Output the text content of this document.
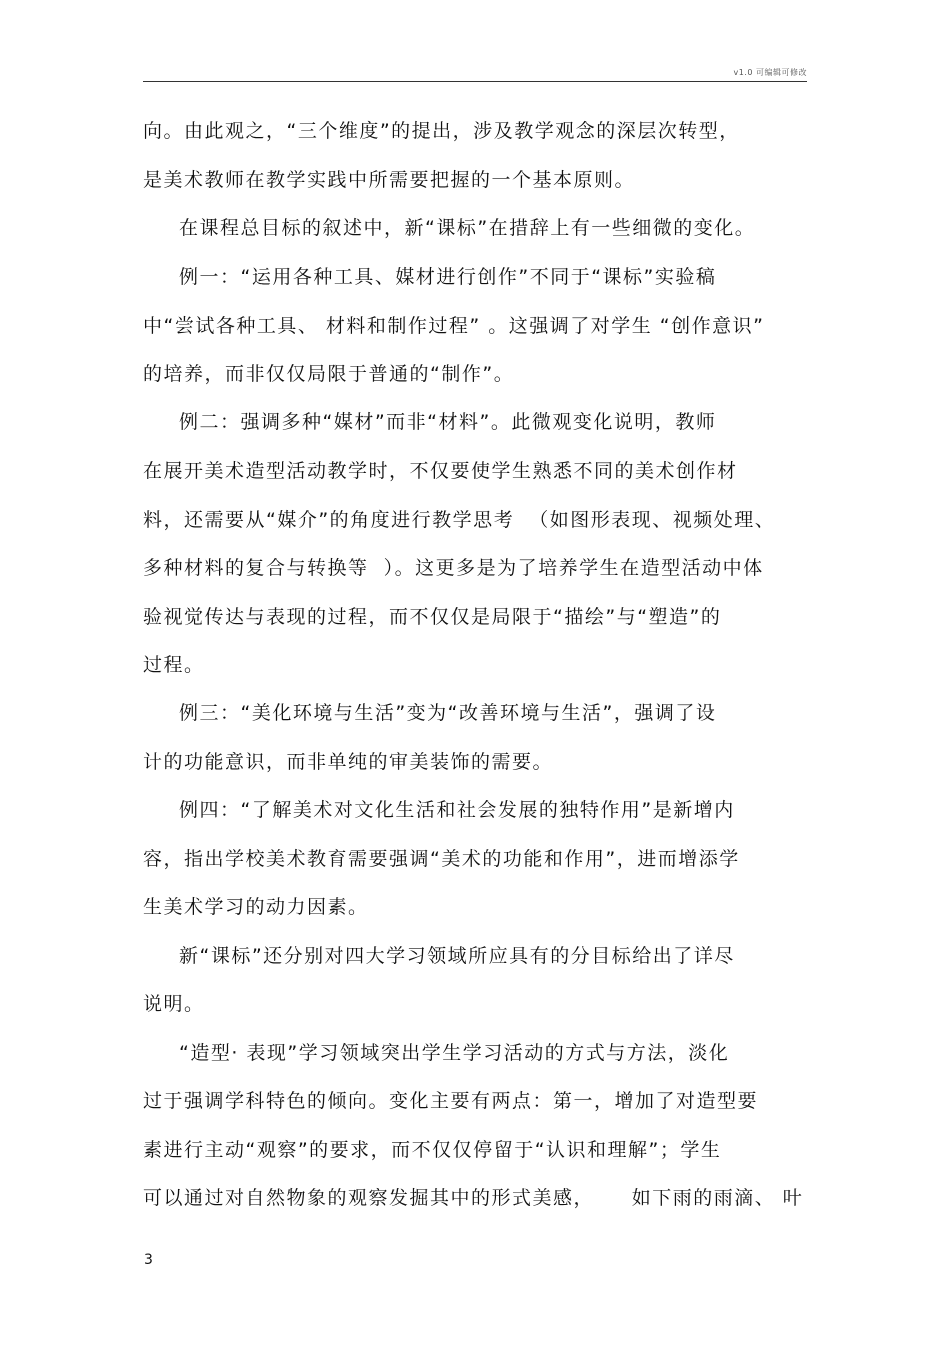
v1.0 可编辑可修改
向。由此观之，“三个维度”的提出，涉及教学观念的深层次转型，
是美术教师在教学实践中所需要把握的一个基本原则。
在课程总目标的叙述中，新“课标”在措辞上有一些细微的变化。
例一：“运用各种工具、媒材进行创作”不同于“课标”实验稿
中“尝试各种工具、 材料和制作过程” 。这强调了对学生 “创作意识”
的培养，而非仅仅局限于普通的“制作”。
例二：强调多种“媒材”而非“材料”。此微观变化说明，教师
在展开美术造型活动教学时，不仅要使学生熟悉不同的美术创作材
料，还需要从“媒介”的角度进行教学思考  （如图形表现、视频处理、
多种材料的复合与转换等  ）。这更多是为了培养学生在造型活动中体
验视觉传达与表现的过程，而不仅仅是局限于“描绘”与“塑造”的
过程。
例三：“美化环境与生活”变为“改善环境与生活”，强调了设
计的功能意识，而非单纯的审美装饰的需要。
例四：“了解美术对文化生活和社会发展的独特作用”是新增内
容，指出学校美术教育需要强调“美术的功能和作用”，进而增添学
生美术学习的动力因素。
新“课标”还分别对四大学习领域所应具有的分目标给出了详尽
说明。
“造型· 表现”学习领域突出学生学习活动的方式与方法，淡化
过于强调学科特色的倾向。变化主要有两点：第一，增加了对造型要
素进行主动“观察”的要求，而不仅仅停留于“认识和理解”；学生
可以通过对自然物象的观察发掘其中的形式美感，     如下雨的雨滴、 叶
3
